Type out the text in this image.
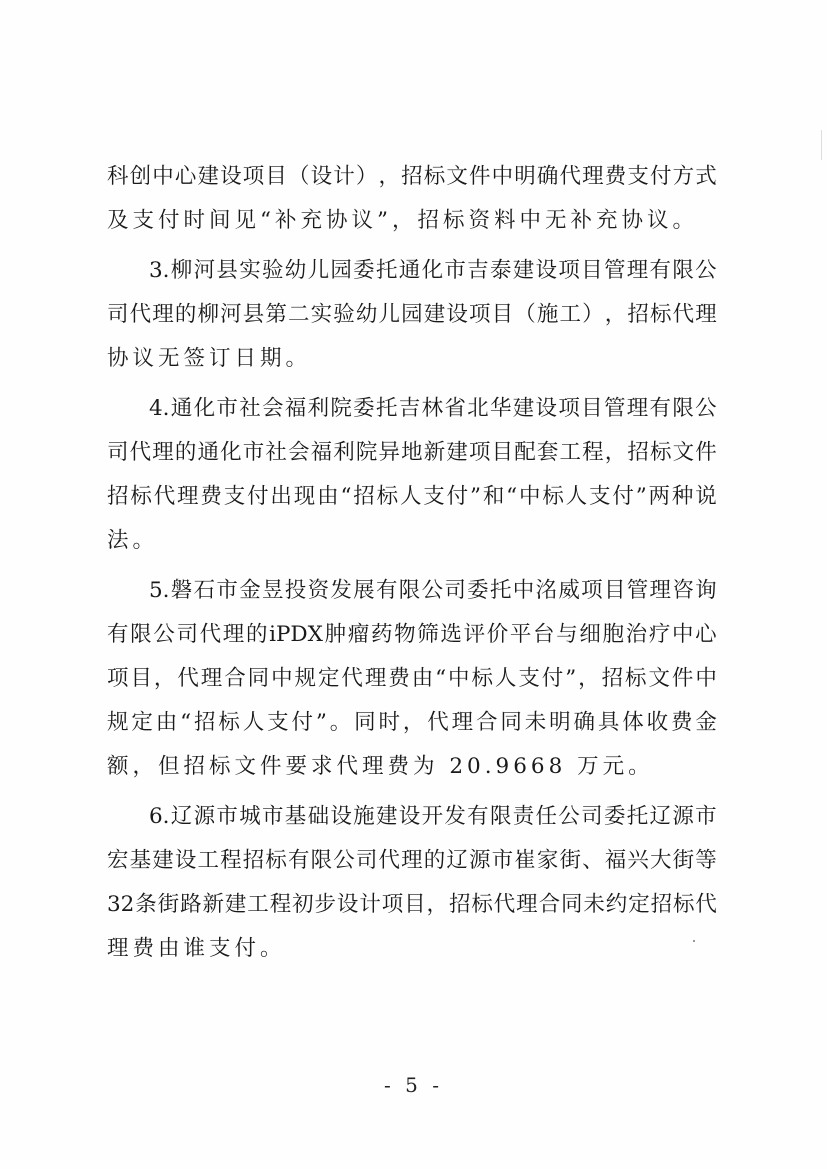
科 创 中 心 建 设 项 目 （ 设 计 ） ， 招 标 文 件 中 明 确 代 理 费 支 付 方 式
及支付时间见“补充协议”，招标资料中无补充协议。
3. 柳 河 县 实 验 幼 儿 园 委 托 通 化 市 吉 泰 建 设 项 目 管 理 有 限 公
司 代 理 的 柳 河 县 第 二 实 验 幼 儿 园 建 设 项 目 （ 施 工 ） ， 招 标 代 理
协议无签订日期。
4. 通 化 市 社 会 福 利 院 委 托 吉 林 省 北 华 建 设 项 目 管 理 有 限 公
司 代 理 的 通 化 市 社 会 福 利 院 异 地 新 建 项 目 配 套 工 程 ， 招 标 文 件
招 标 代 理 费 支 付 出 现 由 “ 招 标 人 支 付 ” 和 “ 中 标 人 支 付 ” 两 种 说
法。
5. 磐 石 市 金 昱 投 资 发 展 有 限 公 司 委 托 中 洺 威 项 目 管 理 咨 询
有 限 公 司 代 理 的 iPDX 肿 瘤 药 物 筛 选 评 价 平 台 与 细 胞 治 疗 中 心
项 目 ， 代 理 合 同 中 规 定 代 理 费 由 “ 中 标 人 支 付 ” ， 招 标 文 件 中
规 定 由 “ 招 标 人 支 付 ” 。 同 时 ， 代 理 合 同 未 明 确 具 体 收 费 金
额，但招标文件要求代理费为 20.9668 万元。
6. 辽 源 市 城 市 基 础 设 施 建 设 开 发 有 限 责 任 公 司 委 托 辽 源 市
宏 基 建 设 工 程 招 标 有 限 公 司 代 理 的 辽 源 市 崔 家 街 、 福 兴 大 街 等
32 条 街 路 新 建 工 程 初 步 设 计 项 目 ， 招 标 代 理 合 同 未 约 定 招 标 代
理费由谁支付。
- 5 -
